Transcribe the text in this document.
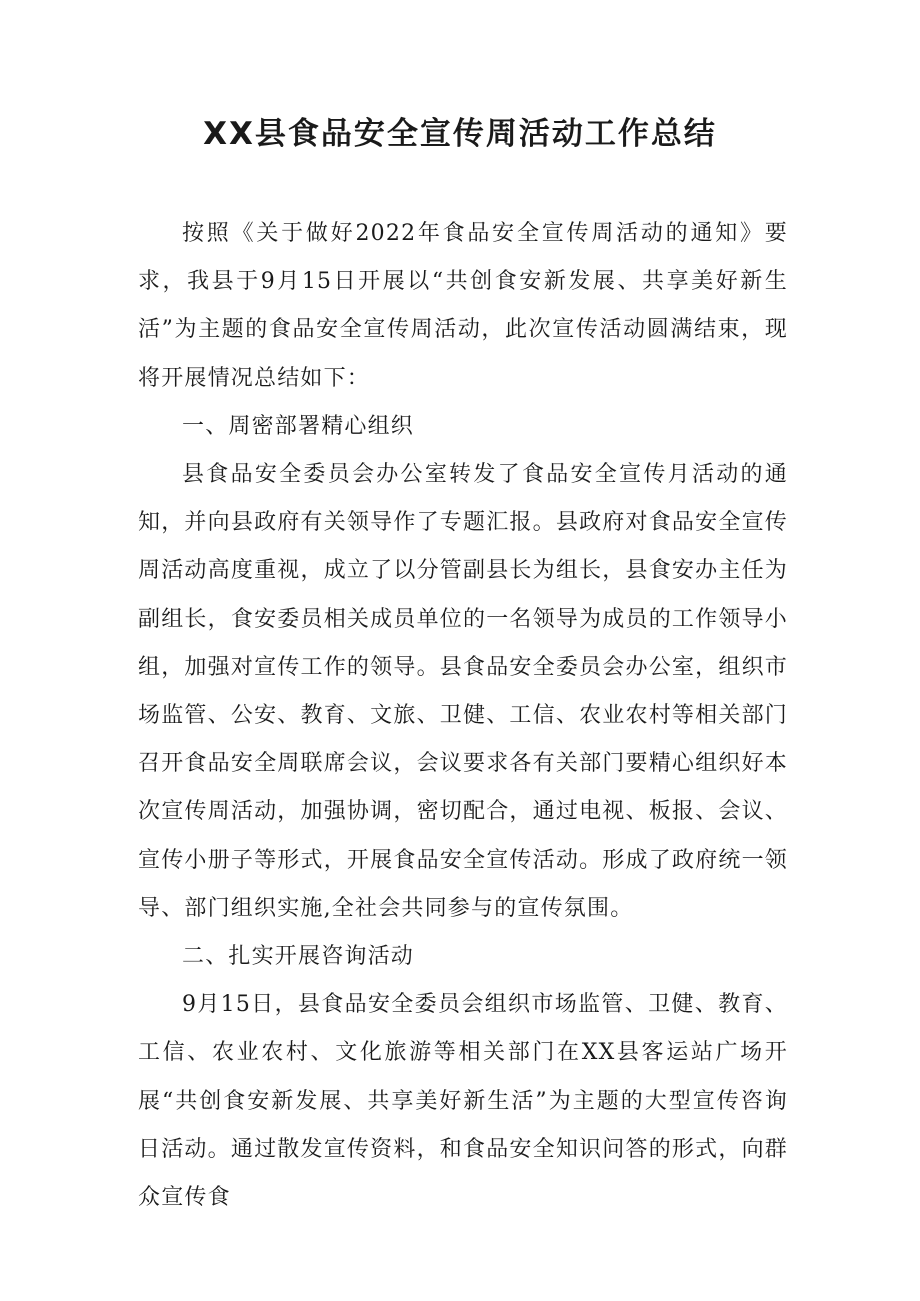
XX县食品安全宣传周活动工作总结

按照《关于做好2022年食品安全宣传周活动的通知》要求，我县于9月15日开展以“共创食安新发展、共享美好新生活”为主题的食品安全宣传周活动，此次宣传活动圆满结束，现将开展情况总结如下：

一、周密部署精心组织

县食品安全委员会办公室转发了食品安全宣传月活动的通知，并向县政府有关领导作了专题汇报。县政府对食品安全宣传周活动高度重视，成立了以分管副县长为组长，县食安办主任为副组长，食安委员相关成员单位的一名领导为成员的工作领导小组，加强对宣传工作的领导。县食品安全委员会办公室，组织市场监管、公安、教育、文旅、卫健、工信、农业农村等相关部门召开食品安全周联席会议，会议要求各有关部门要精心组织好本次宣传周活动，加强协调，密切配合，通过电视、板报、会议、宣传小册子等形式，开展食品安全宣传活动。形成了政府统一领导、部门组织实施,全社会共同参与的宣传氛围。

二、扎实开展咨询活动

9月15日，县食品安全委员会组织市场监管、卫健、教育、工信、农业农村、文化旅游等相关部门在XX县客运站广场开展“共创食安新发展、共享美好新生活”为主题的大型宣传咨询日活动。通过散发宣传资料，和食品安全知识问答的形式，向群众宣传食
